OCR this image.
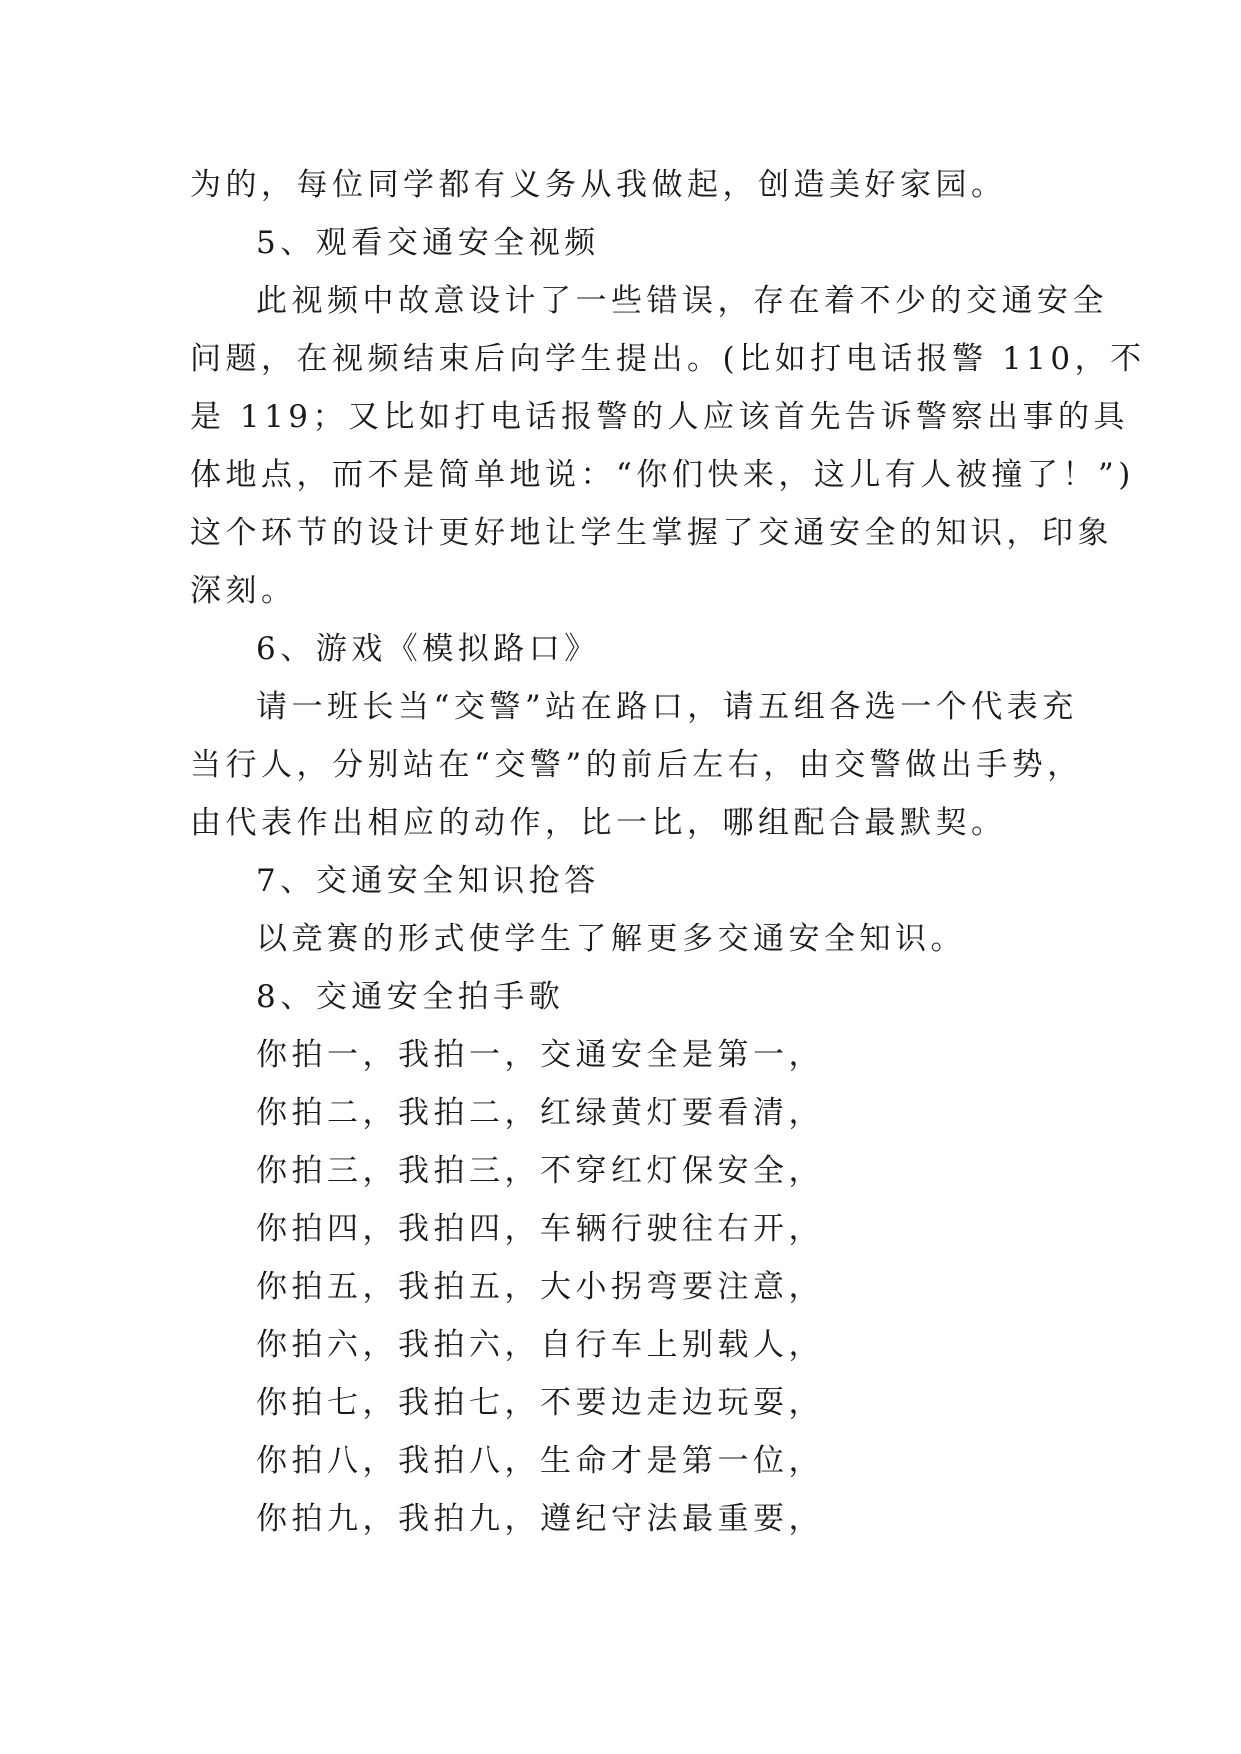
为的，每位同学都有义务从我做起，创造美好家园。

5、观看交通安全视频

此视频中故意设计了一些错误，存在着不少的交通安全

问题，在视频结束后向学生提出。(比如打电话报警 110，不

是 119；又比如打电话报警的人应该首先告诉警察出事的具

体地点，而不是简单地说：“你们快来，这儿有人被撞了！”)

这个环节的设计更好地让学生掌握了交通安全的知识，印象

深刻。

6、游戏《模拟路口》

请一班长当“交警”站在路口，请五组各选一个代表充

当行人，分别站在“交警”的前后左右，由交警做出手势，

由代表作出相应的动作，比一比，哪组配合最默契。

7、交通安全知识抢答

以竞赛的形式使学生了解更多交通安全知识。

8、交通安全拍手歌

你拍一，我拍一，交通安全是第一，

你拍二，我拍二，红绿黄灯要看清，

你拍三，我拍三，不穿红灯保安全，

你拍四，我拍四，车辆行驶往右开，

你拍五，我拍五，大小拐弯要注意，

你拍六，我拍六，自行车上别载人，

你拍七，我拍七，不要边走边玩耍，

你拍八，我拍八，生命才是第一位，

你拍九，我拍九，遵纪守法最重要，
